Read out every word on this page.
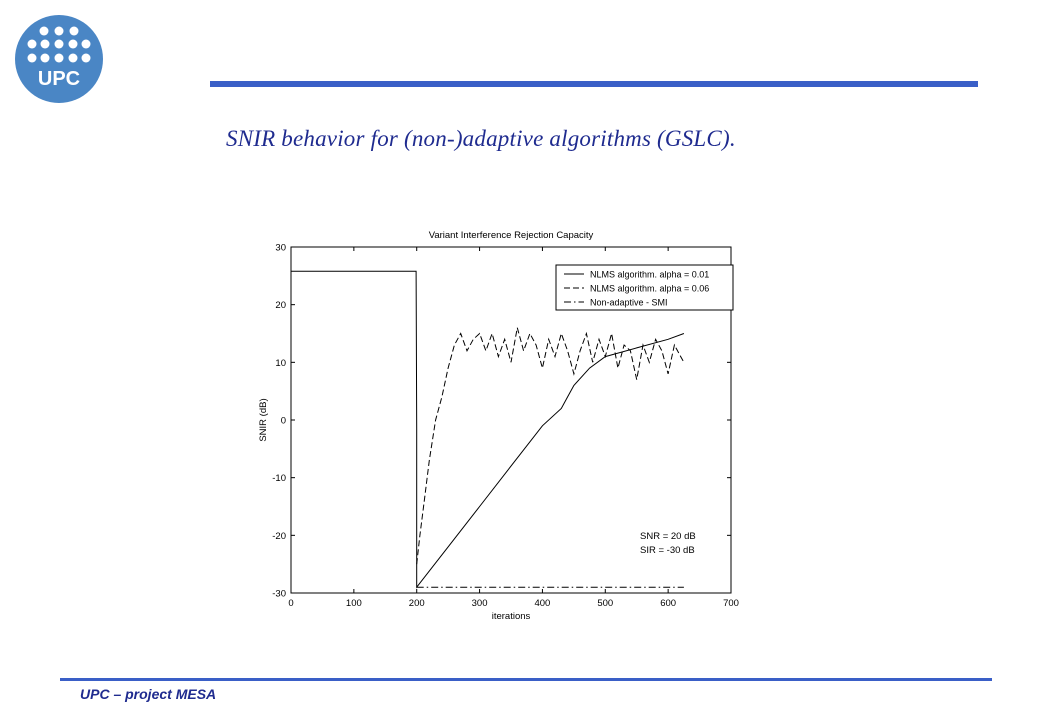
UPC
SNIR behavior for (non-)adaptive algorithms (GSLC).
Variant Interference Rejection Capacity
0	100	200	300	400	500	600	700
30
20
10
0
-10
-20
-30
NLMS algorithm. alpha = 0.01
NLMS algorithm. alpha = 0.06
Non-adaptive - SMI
iterations
SNIR (dB)
SNR = 20 dB
SIR = -30 dB
UPC – project MESA
